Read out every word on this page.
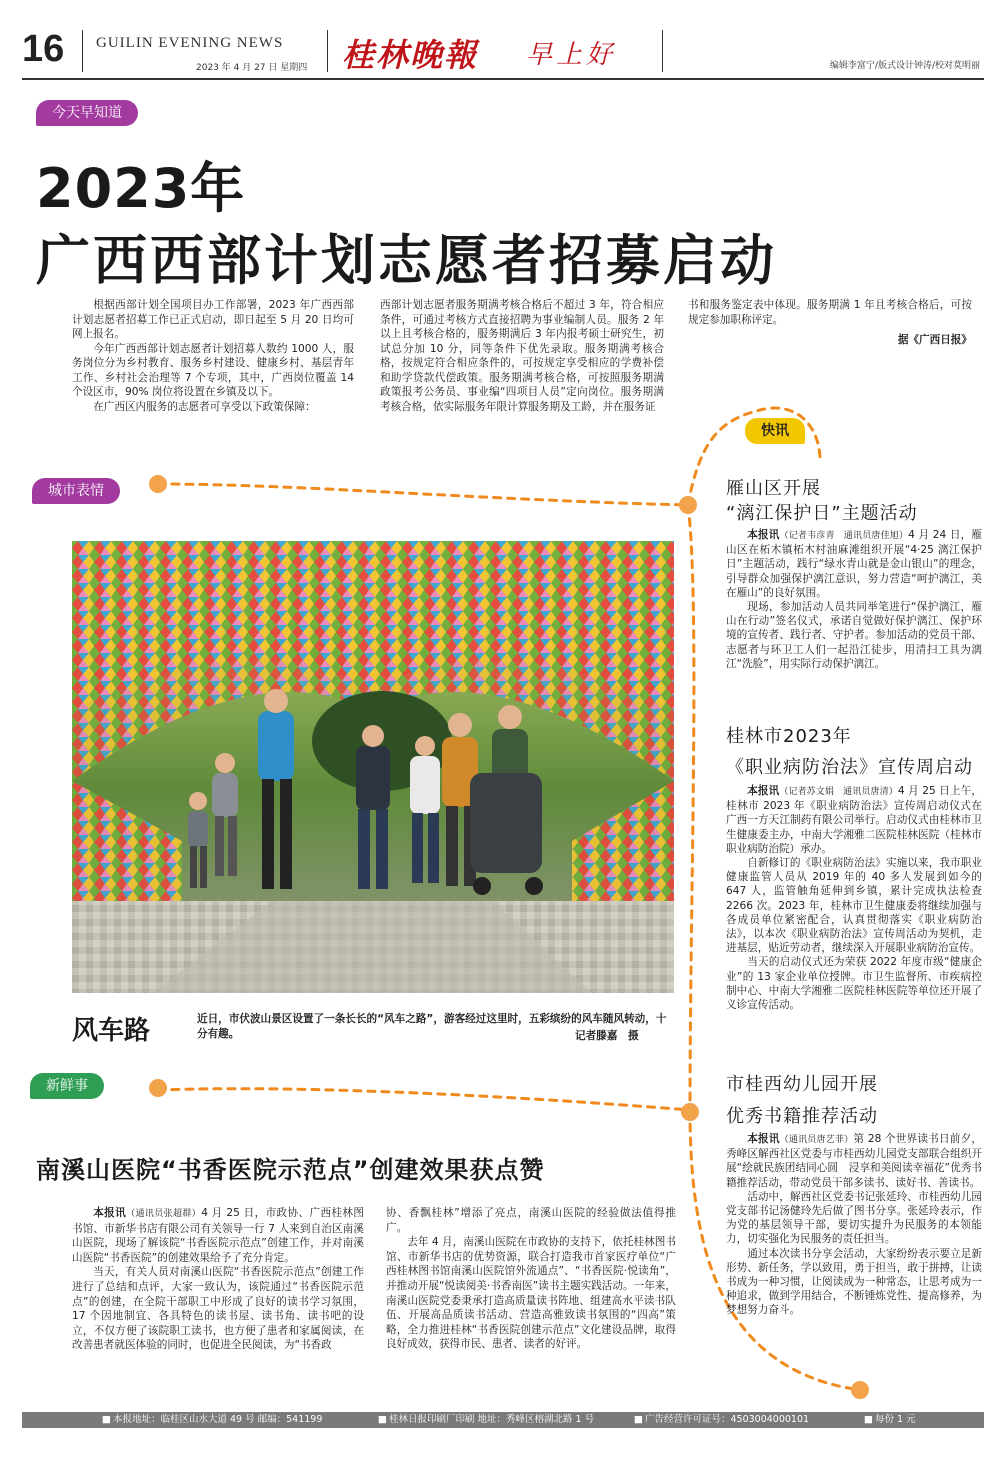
16 GUILIN EVENING NEWS
2023 年 4 月 27 日 星期四 桂林晚報 早上好	编辑李富宁/版式设计钟涛/校对莫明丽
今天早知道
城市表情
快讯
新鲜事
2023年
广西西部计划志愿者招募启动

根据西部计划全国项目办工作部署，2023 年广西西部计划志愿者招募工作已正式启动，即日起至 5 月 20 日均可网上报名。

今年广西西部计划志愿者计划招募人数约 1000 人，服务岗位分为乡村教育、服务乡村建设、健康乡村、基层青年工作、乡村社会治理等 7 个专项，其中，广西岗位覆盖 14 个设区市，90% 岗位将设置在乡镇及以下。

在广西区内服务的志愿者可享受以下政策保障：

西部计划志愿者服务期满考核合格后不超过 3 年，符合相应条件，可通过考核方式直接招聘为事业编制人员。服务 2 年以上且考核合格的，服务期满后 3 年内报考硕士研究生，初试总分加 10 分，同等条件下优先录取。服务期满考核合格，按规定符合相应条件的，可按规定享受相应的学费补偿和助学贷款代偿政策。服务期满考核合格，可按照服务期满政策报考公务员、事业编“四项目人员”定向岗位。服务期满考核合格，依实际服务年限计算服务期及工龄，并在服务证

书和服务鉴定表中体现。服务期满 1 年且考核合格后，可按规定参加职称评定。

据《广西日报》

风车路	近日，市伏波山景区设置了一条长长的“风车之路”，游客经过这里时，五彩缤纷的风车随风转动，十分有趣。	记者滕嘉　摄
雁山区开展
“漓江保护日”主题活动

本报讯（记者韦彦青　通讯员唐佳旭）4 月 24 日，雁山区在柘木镇柘木村油麻滩组织开展“4·25 漓江保护日”主题活动，践行“绿水青山就是金山银山”的理念，引导群众加强保护漓江意识，努力营造“呵护漓江，美在雁山”的良好氛围。

现场，参加活动人员共同举笔进行“保护漓江，雁山在行动”签名仪式，承诺自觉做好保护漓江、保护环境的宣传者、践行者、守护者。参加活动的党员干部、志愿者与环卫工人们一起沿江徒步，用清扫工具为漓江“洗脸”，用实际行动保护漓江。

桂林市2023年
《职业病防治法》宣传周启动

本报讯（记者苏文娟　通讯员唐清）4 月 25 日上午，桂林市 2023 年《职业病防治法》宣传周启动仪式在广西一方天江制药有限公司举行。启动仪式由桂林市卫生健康委主办，中南大学湘雅二医院桂林医院（桂林市职业病防治院）承办。

自新修订的《职业病防治法》实施以来，我市职业健康监管人员从 2019 年的 40 多人发展到如今的 647 人，监管触角延伸到乡镇，累计完成执法检查 2266 次。2023 年，桂林市卫生健康委将继续加强与各成员单位紧密配合，认真贯彻落实《职业病防治法》，以本次《职业病防治法》宣传周活动为契机，走进基层，贴近劳动者，继续深入开展职业病防治宣传。

当天的启动仪式还为荣获 2022 年度市级“健康企业”的 13 家企业单位授牌。市卫生监督所、市疾病控制中心、中南大学湘雅二医院桂林医院等单位还开展了义诊宣传活动。

市桂西幼儿园开展
优秀书籍推荐活动

本报讯（通讯员唐艺菲）第 28 个世界读书日前夕，秀峰区解西社区党委与市桂西幼儿园党支部联合组织开展“绘就民族团结同心圆　浸享和美阅读幸福花”优秀书籍推荐活动，带动党员干部多读书、读好书、善读书。

活动中，解西社区党委书记张延玲、市桂西幼儿园党支部书记汤健玲先后做了图书分享。张延玲表示，作为党的基层领导干部，要切实提升为民服务的本领能力，切实强化为民服务的责任担当。

通过本次读书分享会活动，大家纷纷表示要立足新形势、新任务，学以致用，勇于担当，敢于拼搏，让读书成为一种习惯，让阅读成为一种常态，让思考成为一种追求，做到学用结合，不断锤炼党性、提高修养，为梦想努力奋斗。

南溪山医院“书香医院示范点”创建效果获点赞

本报讯（通讯员张超群）4 月 25 日，市政协、广西桂林图书馆、市新华书店有限公司有关领导一行 7 人来到自治区南溪山医院，现场了解该院“书香医院示范点”创建工作，并对南溪山医院“书香医院”的创建效果给予了充分肯定。

当天，有关人员对南溪山医院“书香医院示范点”创建工作进行了总结和点评，大家一致认为，该院通过“书香医院示范点”的创建，在全院干部职工中形成了良好的读书学习氛围，17 个因地制宜、各具特色的读书屋、读书角、读书吧的设立，不仅方便了该院职工读书，也方便了患者和家属阅读，在改善患者就医体验的同时，也促进全民阅读，为“书香政

协、香飘桂林”增添了亮点，南溪山医院的经验做法值得推广。

去年 4 月，南溪山医院在市政协的支持下，依托桂林图书馆、市新华书店的优势资源，联合打造我市首家医疗单位“广西桂林图书馆南溪山医院馆外流通点”、“书香医院·悦读角”，并推动开展“悦读阅美·书香南医”读书主题实践活动。一年来，南溪山医院党委秉承打造高质量读书阵地、组建高水平读书队伍、开展高品质读书活动、营造高雅致读书氛围的“四高”策略，全力推进桂林“书香医院创建示范点”文化建设品牌，取得良好成效，获得市民、患者、读者的好评。

■ 本报地址：临桂区山水大道 49 号 邮编：541199	■ 桂林日报印刷厂印刷 地址：秀峰区榕湖北路 1 号	■ 广告经营许可证号：4503004000101	■ 每份 1 元
